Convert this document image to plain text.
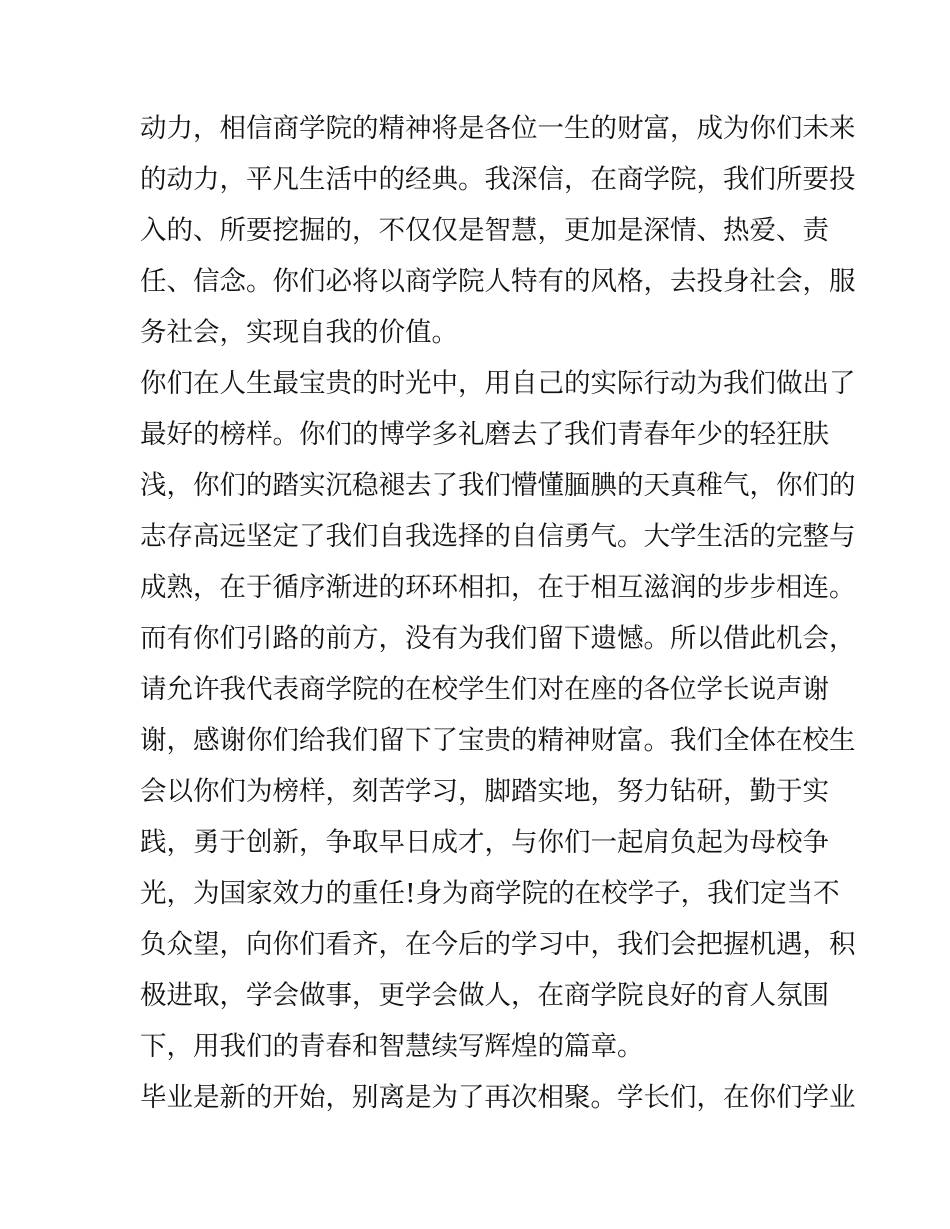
动力，相信商学院的精神将是各位一生的财富，成为你们未来
的动力，平凡生活中的经典。我深信，在商学院，我们所要投
入的、所要挖掘的，不仅仅是智慧，更加是深情、热爱、责
任、信念。你们必将以商学院人特有的风格，去投身社会，服
务社会，实现自我的价值。
你们在人生最宝贵的时光中，用自己的实际行动为我们做出了
最好的榜样。你们的博学多礼磨去了我们青春年少的轻狂肤
浅，你们的踏实沉稳褪去了我们懵懂腼腆的天真稚气，你们的
志存高远坚定了我们自我选择的自信勇气。大学生活的完整与
成熟，在于循序渐进的环环相扣，在于相互滋润的步步相连。
而有你们引路的前方，没有为我们留下遗憾。所以借此机会，
请允许我代表商学院的在校学生们对在座的各位学长说声谢
谢，感谢你们给我们留下了宝贵的精神财富。我们全体在校生
会以你们为榜样，刻苦学习，脚踏实地，努力钻研，勤于实
践，勇于创新，争取早日成才，与你们一起肩负起为母校争
光，为国家效力的重任!身为商学院的在校学子，我们定当不
负众望，向你们看齐，在今后的学习中，我们会把握机遇，积
极进取，学会做事，更学会做人，在商学院良好的育人氛围
下，用我们的青春和智慧续写辉煌的篇章。
毕业是新的开始，别离是为了再次相聚。学长们，在你们学业
